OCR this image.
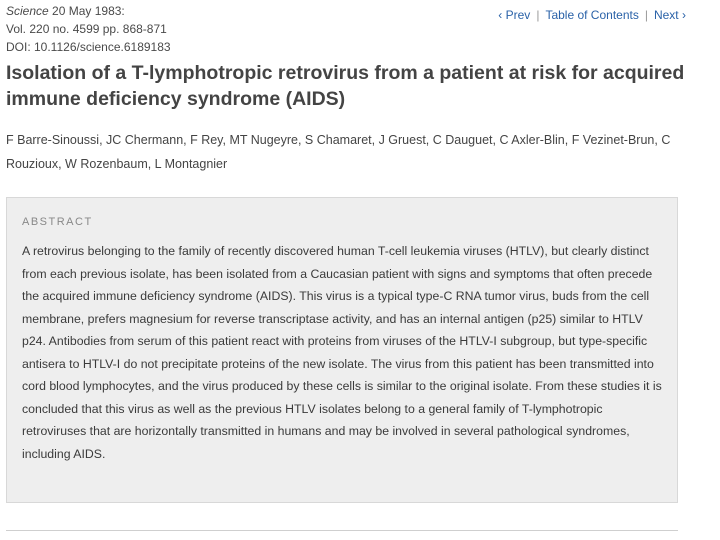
Science 20 May 1983:
Vol. 220 no. 4599 pp. 868-871
DOI: 10.1126/science.6189183
‹ Prev | Table of Contents | Next ›
Isolation of a T-lymphotropic retrovirus from a patient at risk for acquired immune deficiency syndrome (AIDS)
F Barre-Sinoussi, JC Chermann, F Rey, MT Nugeyre, S Chamaret, J Gruest, C Dauguet, C Axler-Blin, F Vezinet-Brun, C Rouzioux, W Rozenbaum, L Montagnier
ABSTRACT

A retrovirus belonging to the family of recently discovered human T-cell leukemia viruses (HTLV), but clearly distinct from each previous isolate, has been isolated from a Caucasian patient with signs and symptoms that often precede the acquired immune deficiency syndrome (AIDS). This virus is a typical type-C RNA tumor virus, buds from the cell membrane, prefers magnesium for reverse transcriptase activity, and has an internal antigen (p25) similar to HTLV p24. Antibodies from serum of this patient react with proteins from viruses of the HTLV-I subgroup, but type-specific antisera to HTLV-I do not precipitate proteins of the new isolate. The virus from this patient has been transmitted into cord blood lymphocytes, and the virus produced by these cells is similar to the original isolate. From these studies it is concluded that this virus as well as the previous HTLV isolates belong to a general family of T-lymphotropic retroviruses that are horizontally transmitted in humans and may be involved in several pathological syndromes, including AIDS.
